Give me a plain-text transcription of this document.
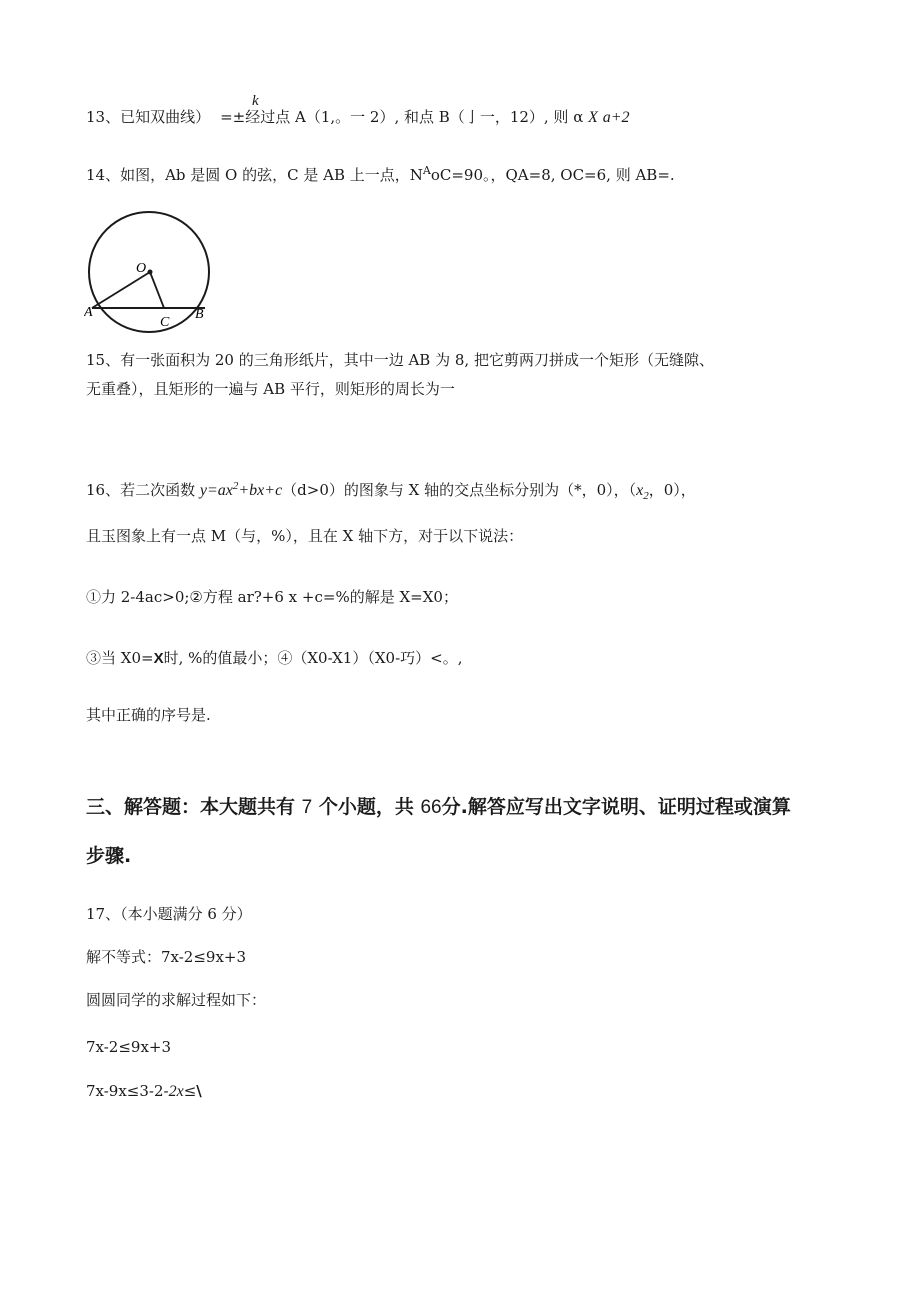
k
13、已知双曲线） =±经过点 A（1,。一 2）, 和点 B（亅一，12）, 则 α X a+2
14、如图，Ab 是圆 O 的弦，C 是 AB 上一点，$N^AoC=90$。，QA=8, OC=6, 则 AB=.
O
A
C
B
15、有一张面积为 20 的三角形纸片，其中一边 AB 为 8, 把它剪两刀拼成一个矩形（无缝隙、
无重叠），且矩形的一遍与 AB 平行，则矩形的周长为一
16、若二次函数 $y=ax^2+bx+c(d>0)$的图象与 X 轴的交点坐标分别为（*，0），（$x_2$，0），
且玉图象上有一点 M（与，%），且在 X 轴下方，对于以下说法：
①力 2-4ac>0;②方程 ar?+6 x +c=%的解是 X=X0；
③当 X0=X时, %的值最小；④（X0-X1）（X0-巧）<。,
其中正确的序号是.
三、解答题：本大题共有 7 个小题，共 66分.解答应写出文字说明、证明过程或演算
步骤.
17、（本小题满分 6 分）
解不等式：7x-2≤9x+3
圆圆同学的求解过程如下：
7x-2≤9x+3
7x-9x≤3-2-2x≤\
